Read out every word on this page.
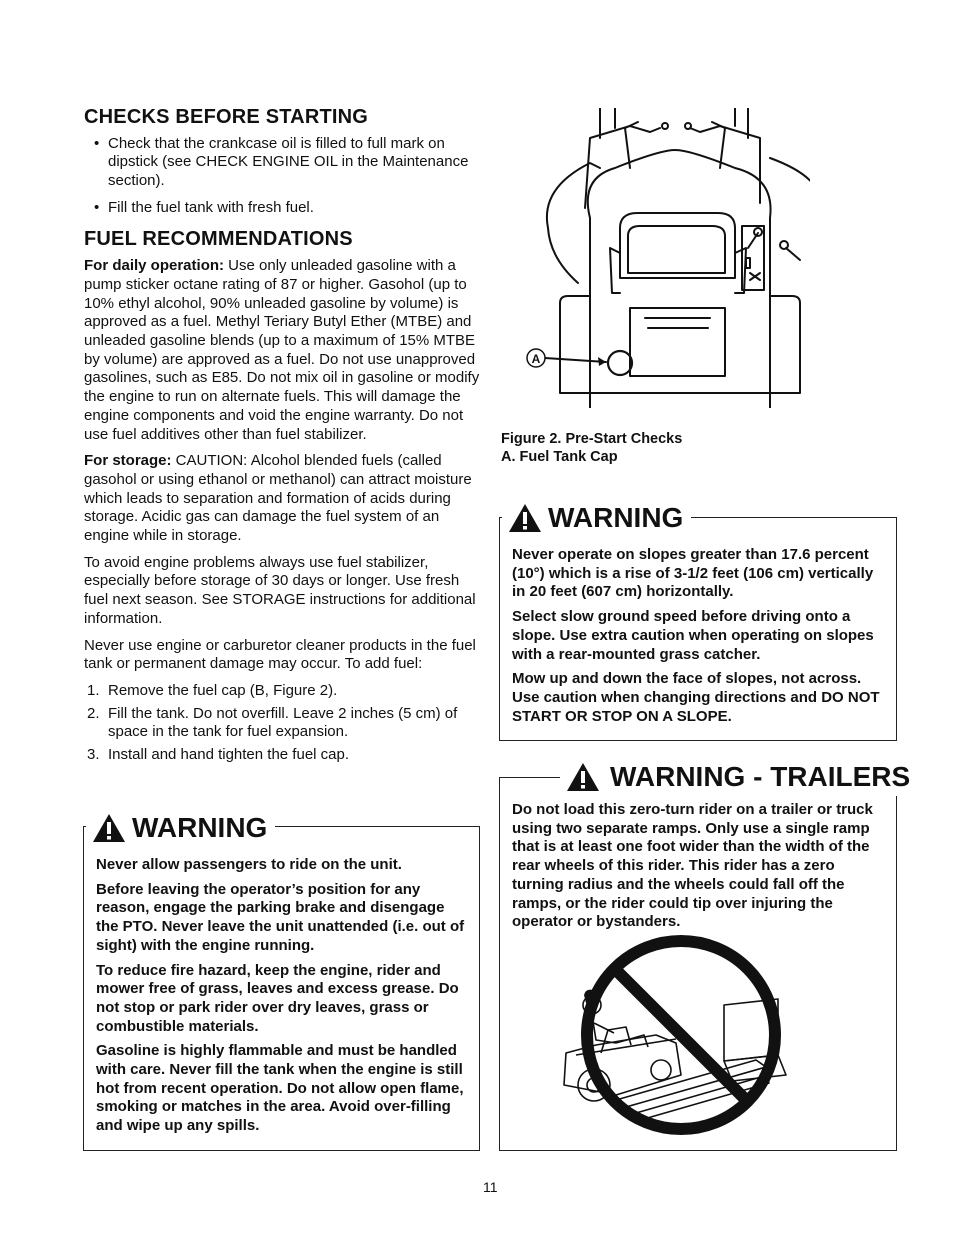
CHECKS BEFORE STARTING
• Check that the crankcase oil is filled to full mark on dipstick (see CHECK ENGINE OIL in the Maintenance section).
• Fill the fuel tank with fresh fuel.
FUEL RECOMMENDATIONS

For daily operation: Use only unleaded gasoline with a pump sticker octane rating of 87 or higher. Gasohol (up to 10% ethyl alcohol, 90% unleaded gasoline by volume) is approved as a fuel. Methyl Teriary Butyl Ether (MTBE) and unleaded gasoline blends (up to a maximum of 15% MTBE by volume) are approved as a fuel. Do not use unapproved gasolines, such as E85. Do not mix oil in gasoline or modify the engine to run on alternate fuels. This will damage the engine components and void the engine warranty. Do not use fuel additives other than fuel stabilizer.

For storage: CAUTION: Alcohol blended fuels (called gasohol or using ethanol or methanol) can attract moisture which leads to separation and formation of acids during storage. Acidic gas can damage the fuel system of an engine while in storage.

To avoid engine problems always use fuel stabilizer, especially before storage of 30 days or longer. Use fresh fuel next season. See STORAGE instructions for additional information.

Never use engine or carburetor cleaner products in the fuel tank or permanent damage may occur. To add fuel:

1. Remove the fuel cap (B, Figure 2).
2. Fill the tank. Do not overfill. Leave 2 inches (5 cm) of space in the tank for fuel expansion.
3. Install and hand tighten the fuel cap.
WARNING

Never allow passengers to ride on the unit.

Before leaving the operator’s position for any reason, engage the parking brake and disengage the PTO. Never leave the unit unattended (i.e. out of sight) with the engine running.

To reduce fire hazard, keep the engine, rider and mower free of grass, leaves and excess grease. Do not stop or park rider over dry leaves, grass or combustible materials.

Gasoline is highly flammable and must be handled with care. Never fill the tank when the engine is still hot from recent operation. Do not allow open flame, smoking or matches in the area. Avoid over-filling and wipe up any spills.

A
Figure 2. Pre-Start Checks
A. Fuel Tank Cap
WARNING

Never operate on slopes greater than 17.6 percent (10°) which is a rise of 3-1/2 feet (106 cm) vertically in 20 feet (607 cm) horizontally.

Select slow ground speed before driving onto a slope. Use extra caution when operating on slopes with a rear-mounted grass catcher.

Mow up and down the face of slopes, not across. Use caution when changing directions and DO NOT START OR STOP ON A SLOPE.

WARNING - TRAILERS

Do not load this zero-turn rider on a trailer or truck using two separate ramps. Only use a single ramp that is at least one foot wider than the width of the rear wheels of this rider. This rider has a zero turning radius and the wheels could fall off the ramps, or the rider could tip over injuring the operator or bystanders.

11
